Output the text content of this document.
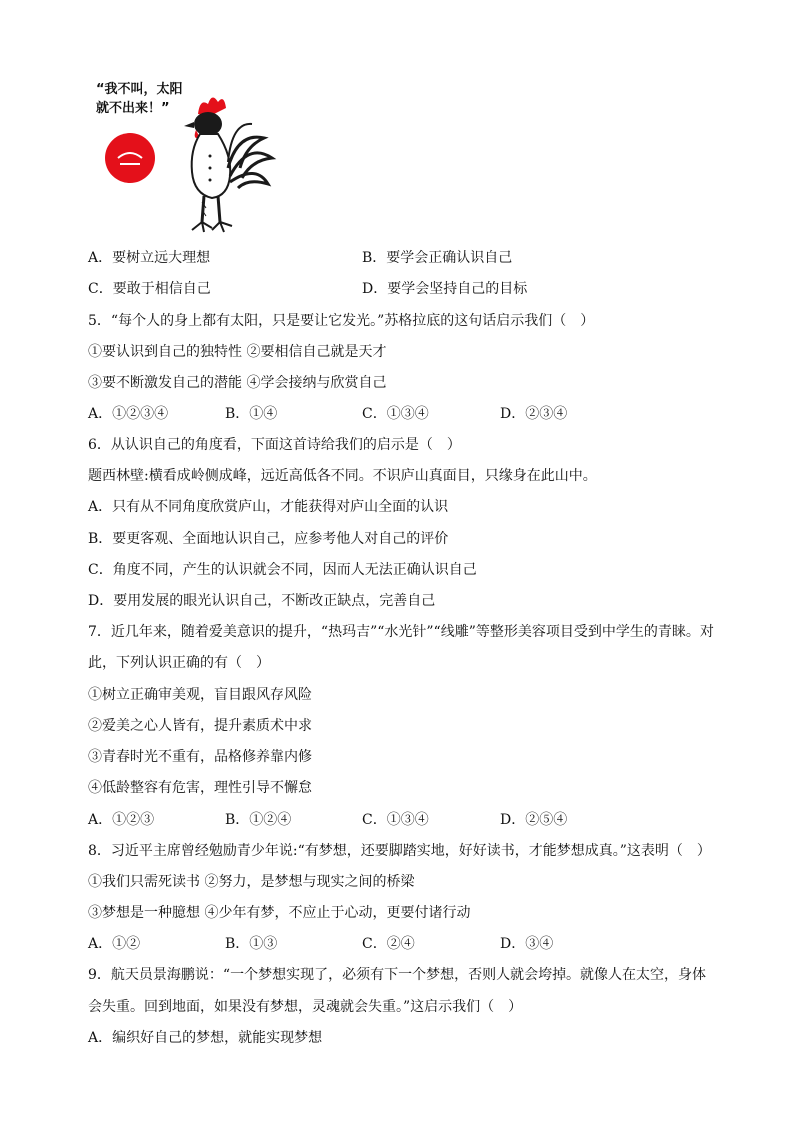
“我不叫，太阳
就不出来！”
A．要树立远大理想	B．要学会正确认识自己
C．要敢于相信自己	D．要学会坚持自己的目标
5．“每个人的身上都有太阳，只是要让它发光。”苏格拉底的这句话启示我们（　）
①要认识到自己的独特性 ②要相信自己就是天才
③要不断激发自己的潜能 ④学会接纳与欣赏自己
A．①②③④	B．①④	C．①③④	D．②③④
6．从认识自己的角度看，下面这首诗给我们的启示是（　）
题西林壁:横看成岭侧成峰，远近高低各不同。不识庐山真面目，只缘身在此山中。
A．只有从不同角度欣赏庐山，才能获得对庐山全面的认识
B．要更客观、全面地认识自己，应参考他人对自己的评价
C．角度不同，产生的认识就会不同，因而人无法正确认识自己
D．要用发展的眼光认识自己，不断改正缺点，完善自己
7．近几年来，随着爱美意识的提升，“热玛吉”“水光针”“线雕”等整形美容项目受到中学生的青睐。对
此，下列认识正确的有（　）
①树立正确审美观，盲目跟风存风险
②爱美之心人皆有，提升素质术中求
③青春时光不重有，品格修养靠内修
④低龄整容有危害，理性引导不懈怠
A．①②③	B．①②④	C．①③④	D．②⑤④
8．习近平主席曾经勉励青少年说:“有梦想，还要脚踏实地，好好读书，才能梦想成真。”这表明（　）
①我们只需死读书 ②努力，是梦想与现实之间的桥梁
③梦想是一种臆想 ④少年有梦，不应止于心动，更要付诸行动
A．①②	B．①③	C．②④	D．③④
9．航天员景海鹏说：“一个梦想实现了，必须有下一个梦想，否则人就会垮掉。就像人在太空，身体
会失重。回到地面，如果没有梦想，灵魂就会失重。”这启示我们（　）
A．编织好自己的梦想，就能实现梦想
